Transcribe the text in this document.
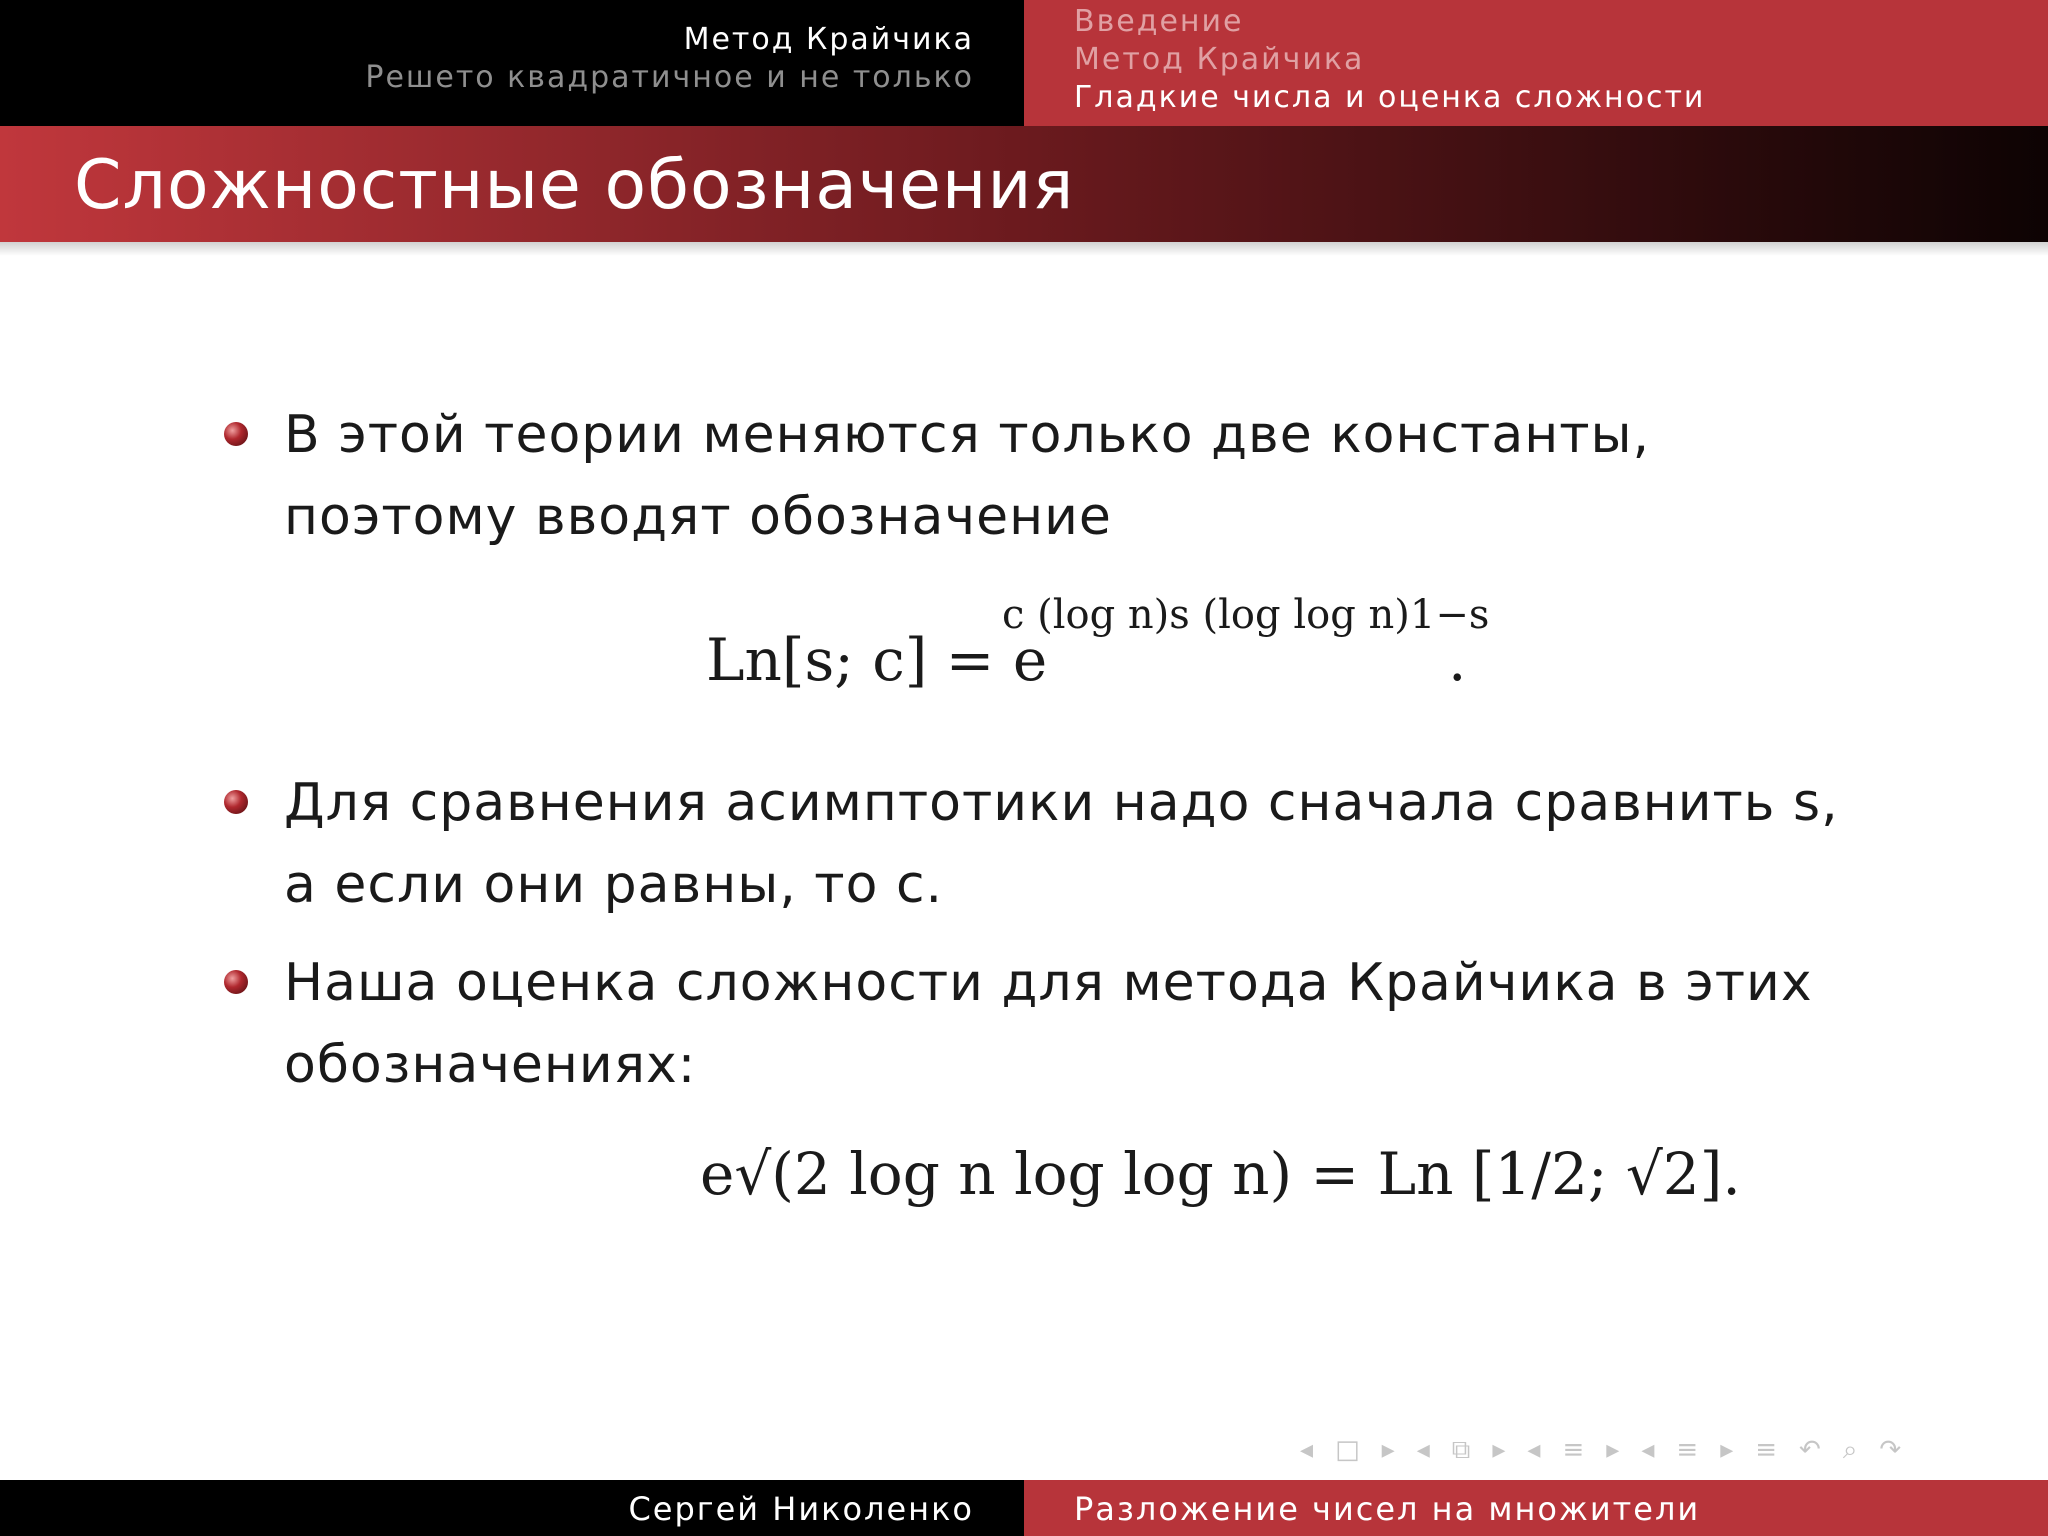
Метод Крайчика
Решето квадратичное и не только
Введение
Метод Крайчика
Гладкие числа и оценка сложности
Сложностные обозначения
В этой теории меняются только две константы, поэтому вводят обозначение
Ln[s; c] = e
c (log n)s (log log n)1−s
.
Для сравнения асимптотики надо сначала сравнить s, а если они равны, то c.
Наша оценка сложности для метода Крайчика в этих обозначениях:
e√(2 log n log log n) = Ln [1/2; √2].
◂ □ ▸ ◂ ⧉ ▸ ◂ ≡ ▸ ◂ ≡ ▸ ≡ ↶ ⌕ ↷
Сергей Николенко	Разложение чисел на множители
